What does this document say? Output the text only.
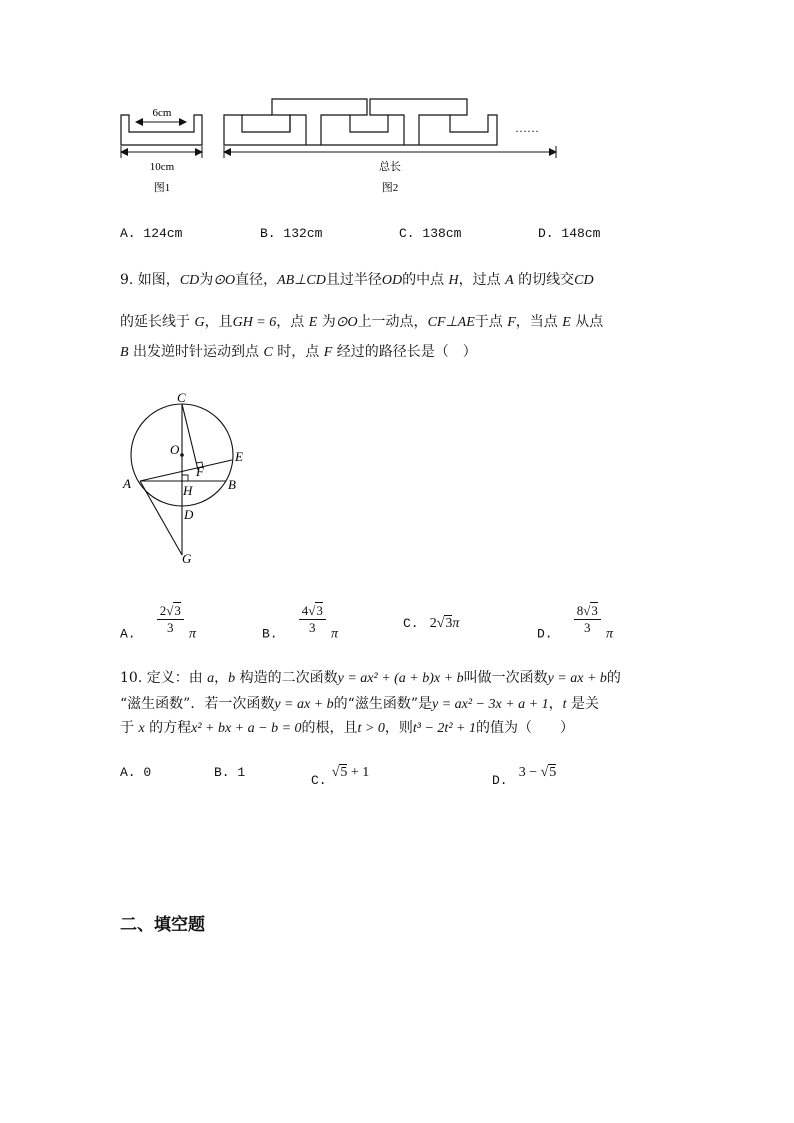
6cm
10cm
图1
……
总长
图2
A. 124cm	B. 132cm	C. 138cm	D. 148cm
9. 如图，CD为⊙O直径，AB⊥CD且过半径OD的中点 H，过点 A 的切线交CD
的延长线于 G，且GH = 6，点 E 为⊙O上一动点，CF⊥AE于点 F，当点 E 从点
B 出发逆时针运动到点 C 时，点 F 经过的路径长是（　）
C
O	E
F
A	B
H
D
G
$_{A.} \frac{2√3}{3}$ π	$_{B.} \frac{4√3}{3}$ π
C. 2√3π
$_{D.} \frac{8√3}{3}$ π
10. 定义：由 a，b 构造的二次函数y = ax² + (a + b)x + b叫做一次函数y = ax + b的
“滋生函数”．若一次函数y = ax + b的“滋生函数”是y = ax² − 3x + a + 1，t 是关
于 x 的方程x² + bx + a − b = 0的根，且t > 0，则t³ − 2t² + 1的值为（　　）
A. 0	B. 1
$_{C.}$ √5 + 1
$_{D.}$ 3 − √5
二、填空题
